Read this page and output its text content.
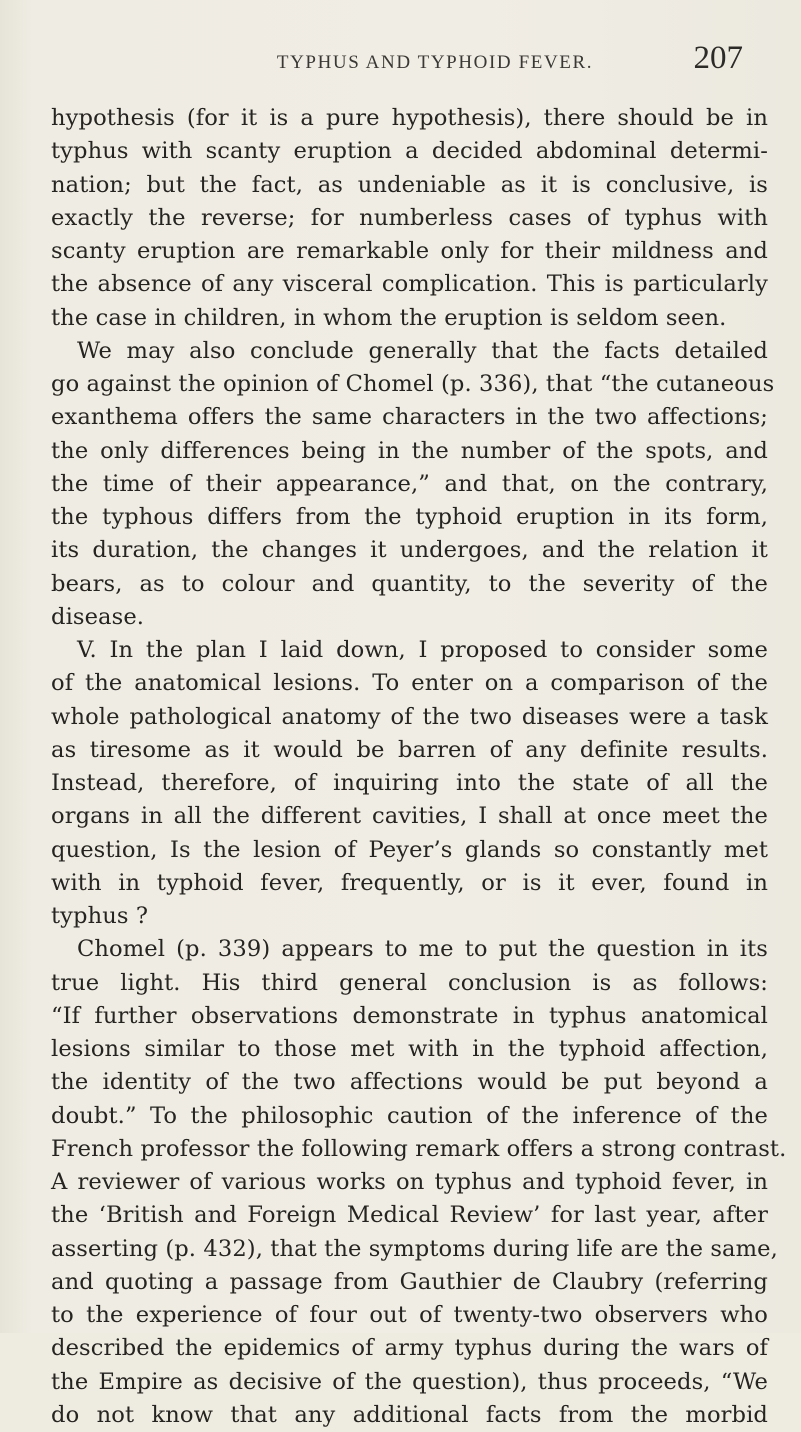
TYPHUS AND TYPHOID FEVER.	207
hypothesis (for it is a pure hypothesis), there should be in
typhus with scanty eruption a decided abdominal determi-
nation; but the fact, as undeniable as it is conclusive, is
exactly the reverse; for numberless cases of typhus with
scanty eruption are remarkable only for their mildness and
the absence of any visceral complication. This is particularly
the case in children, in whom the eruption is seldom seen.
We may also conclude generally that the facts detailed
go against the opinion of Chomel (p. 336), that “the cutaneous
exanthema offers the same characters in the two affections;
the only differences being in the number of the spots, and
the time of their appearance,” and that, on the contrary,
the typhous differs from the typhoid eruption in its form,
its duration, the changes it undergoes, and the relation it
bears, as to colour and quantity, to the severity of the
disease.
V. In the plan I laid down, I proposed to consider some
of the anatomical lesions. To enter on a comparison of the
whole pathological anatomy of the two diseases were a task
as tiresome as it would be barren of any definite results.
Instead, therefore, of inquiring into the state of all the
organs in all the different cavities, I shall at once meet the
question, Is the lesion of Peyer’s glands so constantly met
with in typhoid fever, frequently, or is it ever, found in
typhus ?
Chomel (p. 339) appears to me to put the question in its
true light. His third general conclusion is as follows:
“If further observations demonstrate in typhus anatomical
lesions similar to those met with in the typhoid affection,
the identity of the two affections would be put beyond a
doubt.” To the philosophic caution of the inference of the
French professor the following remark offers a strong contrast.
A reviewer of various works on typhus and typhoid fever, in
the ‘British and Foreign Medical Review’ for last year, after
asserting (p. 432), that the symptoms during life are the same,
and quoting a passage from Gauthier de Claubry (referring
to the experience of four out of twenty-two observers who
described the epidemics of army typhus during the wars of
the Empire as decisive of the question), thus proceeds, “We
do not know that any additional facts from the morbid
